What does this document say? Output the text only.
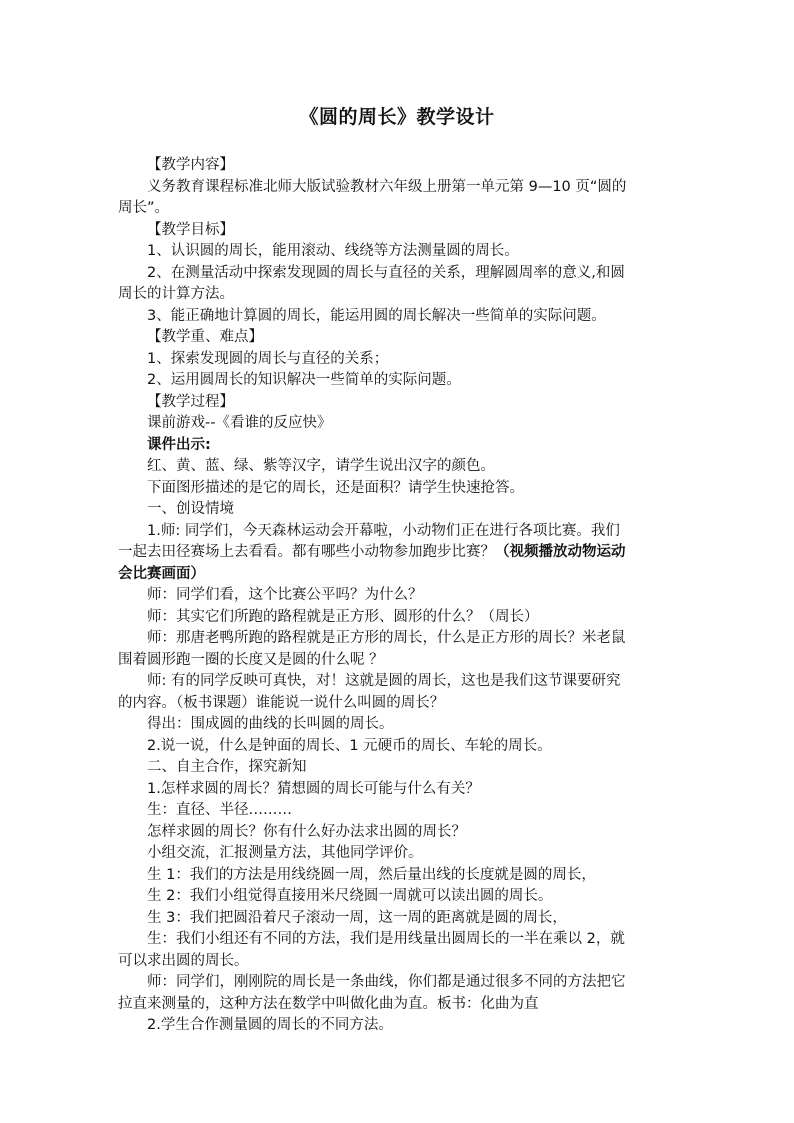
《圆的周长》教学设计
【教学内容】
义务教育课程标准北师大版试验教材六年级上册第一单元第 9—10 页“圆的
周长”。
【教学目标】
1、认识圆的周长，能用滚动、线绕等方法测量圆的周长。
2、在测量活动中探索发现圆的周长与直径的关系，理解圆周率的意义,和圆
周长的计算方法。
3、能正确地计算圆的周长，能运用圆的周长解决一些简单的实际问题。
【教学重、难点】
1、探索发现圆的周长与直径的关系；
2、运用圆周长的知识解决一些简单的实际问题。
【教学过程】
课前游戏--《看谁的反应快》
课件出示:
红、黄、蓝、绿、紫等汉字，请学生说出汉字的颜色。
下面图形描述的是它的周长，还是面积？请学生快速抢答。
一、创设情境
1.师: 同学们，今天森林运动会开幕啦，小动物们正在进行各项比赛。我们
一起去田径赛场上去看看。都有哪些小动物参加跑步比赛？（视频播放动物运动
会比赛画面）
师：同学们看，这个比赛公平吗？为什么？
师：其实它们所跑的路程就是正方形、圆形的什么？（周长）
师：那唐老鸭所跑的路程就是正方形的周长，什么是正方形的周长？米老鼠
围着圆形跑一圈的长度又是圆的什么呢 ？
师: 有的同学反映可真快，对！这就是圆的周长，这也是我们这节课要研究
的内容。（板书课题）谁能说一说什么叫圆的周长？
得出：围成圆的曲线的长叫圆的周长。
2.说一说，什么是钟面的周长、1 元硬币的周长、车轮的周长。
二、自主合作，探究新知
1.怎样求圆的周长？猜想圆的周长可能与什么有关？
生：直径、半径………
怎样求圆的周长？你有什么好办法求出圆的周长？
小组交流，汇报测量方法，其他同学评价。
生 1：我们的方法是用线绕圆一周，然后量出线的长度就是圆的周长，
生 2：我们小组觉得直接用米尺绕圆一周就可以读出圆的周长。
生 3：我们把圆沿着尺子滚动一周，这一周的距离就是圆的周长，
生：我们小组还有不同的方法，我们是用线量出圆周长的一半在乘以 2，就
可以求出圆的周长。
师：同学们，刚刚院的周长是一条曲线，你们都是通过很多不同的方法把它
拉直来测量的，这种方法在数学中叫做化曲为直。板书：化曲为直
2.学生合作测量圆的周长的不同方法。
